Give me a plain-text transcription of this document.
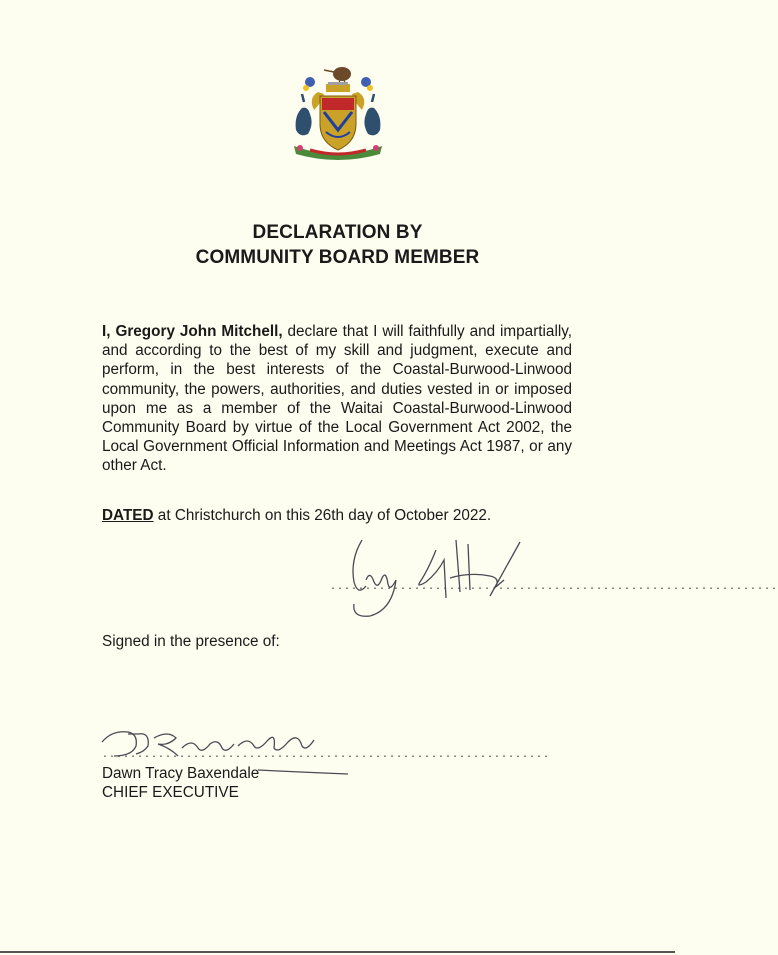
DECLARATION BY
COMMUNITY BOARD MEMBER
I, Gregory John Mitchell, declare that I will faithfully and impartially, and according to the best of my skill and judgment, execute and perform, in the best interests of the Coastal-Burwood-Linwood community, the powers, authorities, and duties vested in or imposed upon me as a member of the Waitai Coastal-Burwood-Linwood Community Board by virtue of the Local Government Act 2002, the Local Government Official Information and Meetings Act 1987, or any other Act.
DATED at Christchurch on this 26th day of October 2022.
................................................................
Signed in the presence of:
................................................................
Dawn Tracy Baxendale
CHIEF EXECUTIVE
